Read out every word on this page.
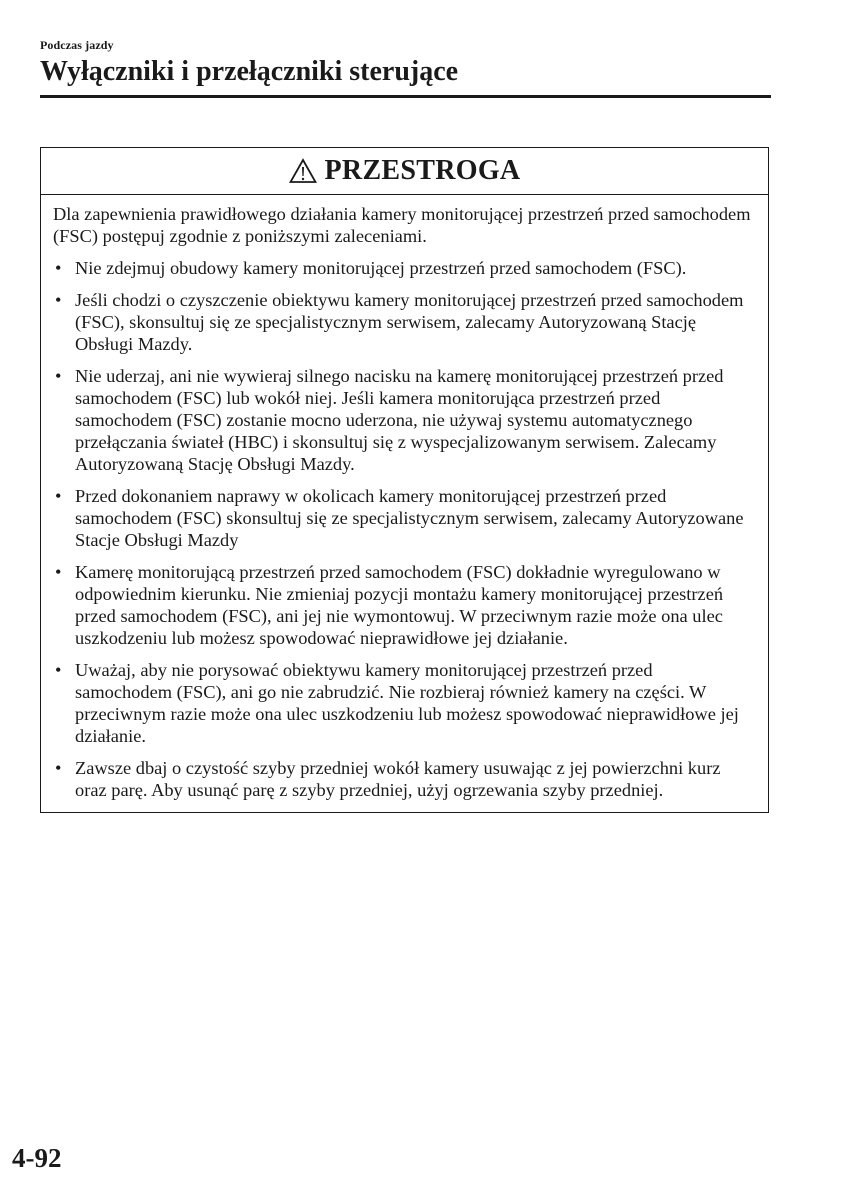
Podczas jazdy
Wyłączniki i przełączniki sterujące
PRZESTROGA

Dla zapewnienia prawidłowego działania kamery monitorującej przestrzeń przed samochodem (FSC) postępuj zgodnie z poniższymi zaleceniami.

• Nie zdejmuj obudowy kamery monitorującej przestrzeń przed samochodem (FSC).
• Jeśli chodzi o czyszczenie obiektywu kamery monitorującej przestrzeń przed samochodem (FSC), skonsultuj się ze specjalistycznym serwisem, zalecamy Autoryzowaną Stację Obsługi Mazdy.
• Nie uderzaj, ani nie wywieraj silnego nacisku na kamerę monitorującej przestrzeń przed samochodem (FSC) lub wokół niej. Jeśli kamera monitorująca przestrzeń przed samochodem (FSC) zostanie mocno uderzona, nie używaj systemu automatycznego przełączania świateł (HBC) i skonsultuj się z wyspecjalizowanym serwisem. Zalecamy Autoryzowaną Stację Obsługi Mazdy.
• Przed dokonaniem naprawy w okolicach kamery monitorującej przestrzeń przed samochodem (FSC) skonsultuj się ze specjalistycznym serwisem, zalecamy Autoryzowane Stacje Obsługi Mazdy
• Kamerę monitorującą przestrzeń przed samochodem (FSC) dokładnie wyregulowano w odpowiednim kierunku. Nie zmieniaj pozycji montażu kamery monitorującej przestrzeń przed samochodem (FSC), ani jej nie wymontowuj. W przeciwnym razie może ona ulec uszkodzeniu lub możesz spowodować nieprawidłowe jej działanie.
• Uważaj, aby nie porysować obiektywu kamery monitorującej przestrzeń przed samochodem (FSC), ani go nie zabrudzić. Nie rozbieraj również kamery na części. W przeciwnym razie może ona ulec uszkodzeniu lub możesz spowodować nieprawidłowe jej działanie.
• Zawsze dbaj o czystość szyby przedniej wokół kamery usuwając z jej powierzchni kurz oraz parę. Aby usunąć parę z szyby przedniej, użyj ogrzewania szyby przedniej.
4-92
